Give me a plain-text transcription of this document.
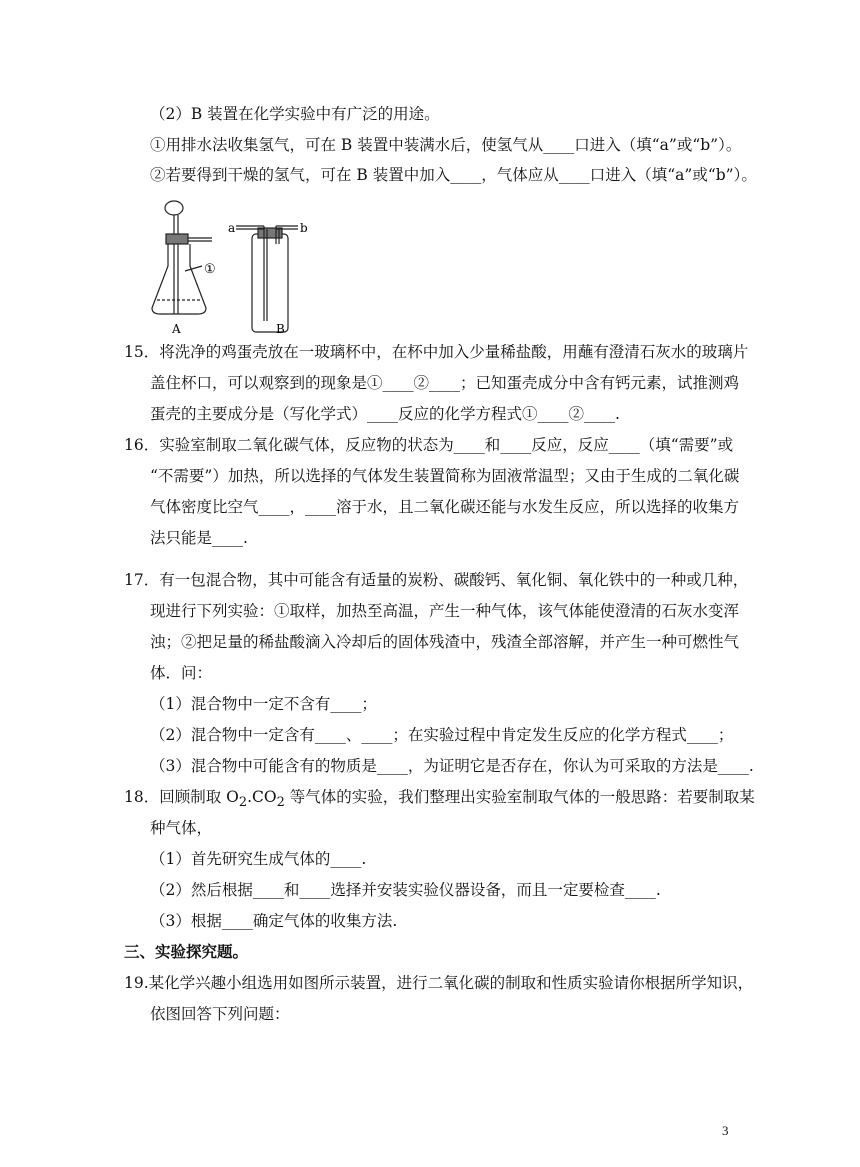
（2）B 装置在化学实验中有广泛的用途。
①用排水法收集氢气，可在 B 装置中装满水后，使氢气从____口进入（填“a”或“b”）。
②若要得到干燥的氢气，可在 B 装置中加入____，气体应从____口进入（填“a”或“b”）。
①
a	b
A	B
15．将洗净的鸡蛋壳放在一玻璃杯中，在杯中加入少量稀盐酸，用蘸有澄清石灰水的玻璃片
盖住杯口，可以观察到的现象是①____②____；已知蛋壳成分中含有钙元素，试推测鸡
蛋壳的主要成分是（写化学式）____反应的化学方程式①____②____.
16．实验室制取二氧化碳气体，反应物的状态为____和____反应，反应____（填“需要”或
“不需要”）加热，所以选择的气体发生装置简称为固液常温型；又由于生成的二氧化碳
气体密度比空气____，____溶于水，且二氧化碳还能与水发生反应，所以选择的收集方
法只能是____.
17．有一包混合物，其中可能含有适量的炭粉、碳酸钙、氧化铜、氧化铁中的一种或几种，
现进行下列实验：①取样，加热至高温，产生一种气体，该气体能使澄清的石灰水变浑
浊；②把足量的稀盐酸滴入冷却后的固体残渣中，残渣全部溶解，并产生一种可燃性气
体．问：
（1）混合物中一定不含有____；
（2）混合物中一定含有____、____；在实验过程中肯定发生反应的化学方程式____；
（3）混合物中可能含有的物质是____，为证明它是否存在，你认为可采取的方法是____.
18．回顾制取 $O_2.CO_2$ 等气体的实验，我们整理出实验室制取气体的一般思路：若要制取某
种气体，
（1）首先研究生成气体的____.
（2）然后根据____和____选择并安装实验仪器设备，而且一定要检查____.
（3）根据____确定气体的收集方法.
三、实验探究题。
19.某化学兴趣小组选用如图所示装置，进行二氧化碳的制取和性质实验请你根据所学知识，
依图回答下列问题：
3
